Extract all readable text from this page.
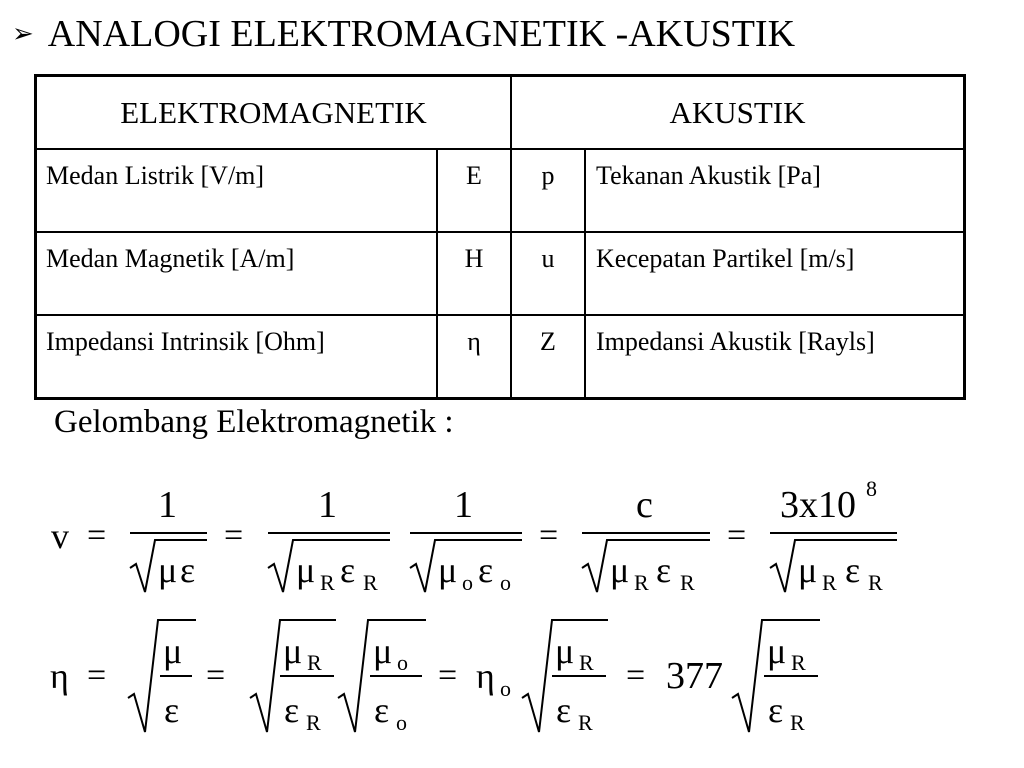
➢ ANALOGI ELEKTROMAGNETIK -AKUSTIK
ELEKTROMAGNETIK		AKUSTIK	
Medan Listrik [V/m]	E	p	Tekanan Akustik [Pa]
Medan Magnetik [A/m]	H	u	Kecepatan Partikel [m/s]
Impedansi Intrinsik [Ohm]	η	Z	Impedansi Akustik [Rayls]
Gelombang Elektromagnetik :
v =
1
μ ε
=
1
μ R ε R
1
μ o ε o
=
c
μ R ε R
=
3x10 8
μ R ε R
η =
μ
ε
=
μ R
ε R
μ o
ε o
= η o
μ R
ε R
= 377
μ R
ε R
